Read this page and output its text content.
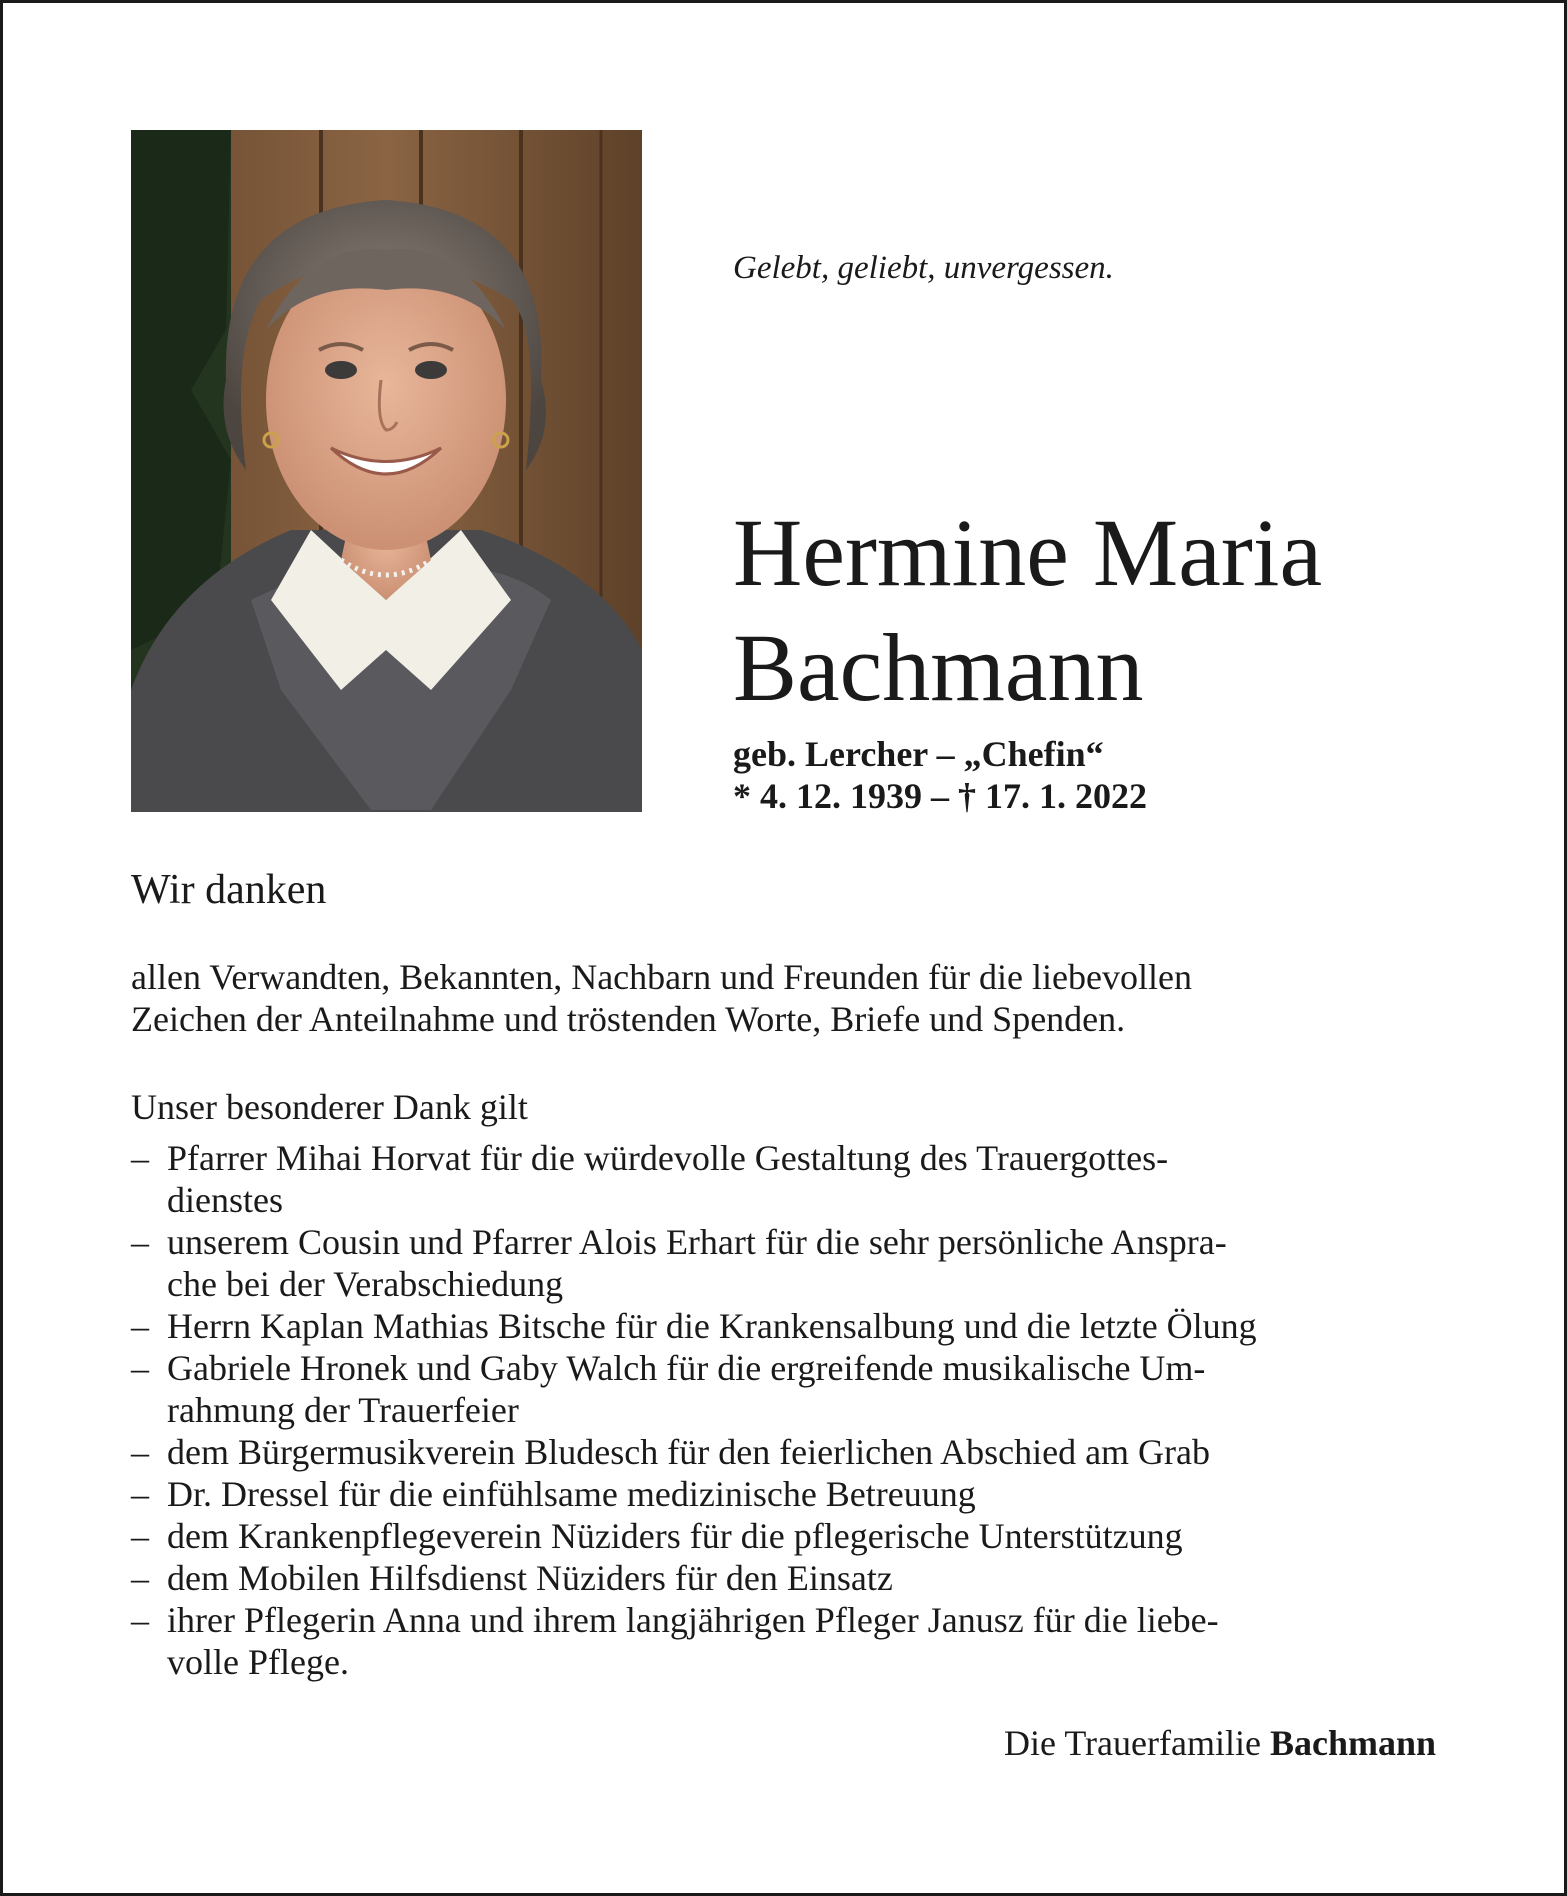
Gelebt, geliebt, unvergessen.
Hermine Maria
Bachmann
geb. Lercher – „Chefin“
* 4. 12. 1939 – † 17. 1. 2022
Wir danken
allen Verwandten, Bekannten, Nachbarn und Freunden für die liebevollen
Zeichen der Anteilnahme und tröstenden Worte, Briefe und Spenden.
Unser besonderer Dank gilt
– Pfarrer Mihai Horvat für die würdevolle Gestaltung des Trauergottes-
dienstes
– unserem Cousin und Pfarrer Alois Erhart für die sehr persönliche Anspra-
che bei der Verabschiedung
– Herrn Kaplan Mathias Bitsche für die Krankensalbung und die letzte Ölung
– Gabriele Hronek und Gaby Walch für die ergreifende musikalische Um-
rahmung der Trauerfeier
– dem Bürgermusikverein Bludesch für den feierlichen Abschied am Grab
– Dr. Dressel für die einfühlsame medizinische Betreuung
– dem Krankenpflegeverein Nüziders für die pflegerische Unterstützung
– dem Mobilen Hilfsdienst Nüziders für den Einsatz
– ihrer Pflegerin Anna und ihrem langjährigen Pfleger Janusz für die liebe-
volle Pflege.
Die Trauerfamilie Bachmann
